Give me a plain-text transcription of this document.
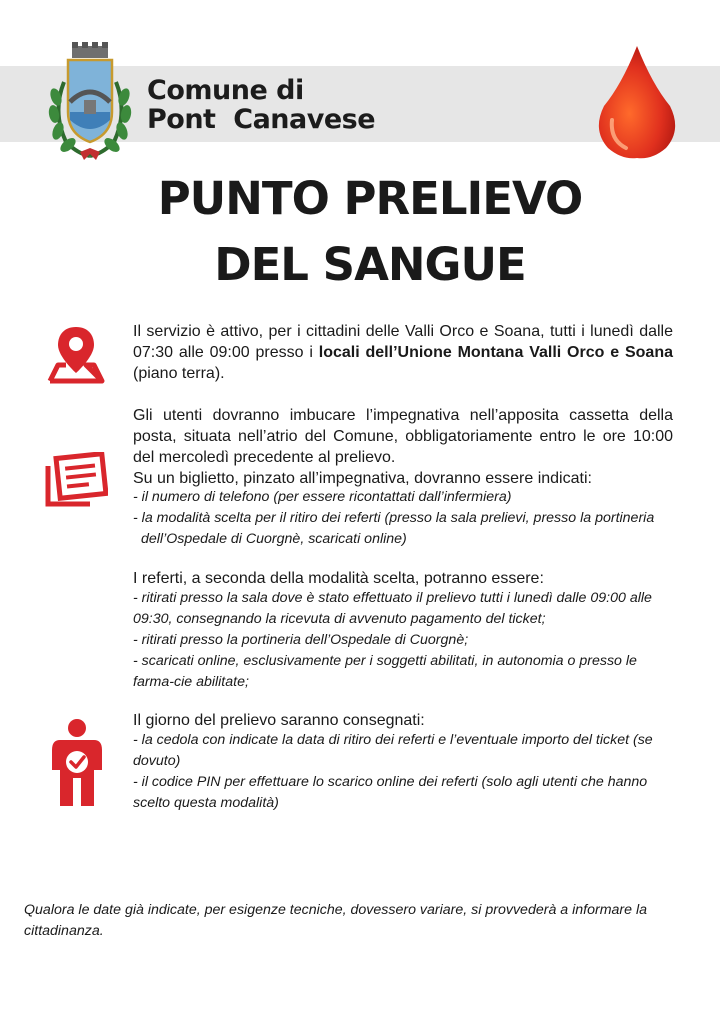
Comune di
Pont  Canavese
PUNTO PRELIEVO
DEL SANGUE
Il servizio è attivo, per i cittadini delle Valli Orco e Soana, tutti i lunedì dalle 07:30 alle 09:00 presso i locali dell’Unione Montana Valli Orco e Soana (piano terra).
Gli utenti dovranno imbucare l’impegnativa nell’apposita cassetta della posta, situata nell’atrio del Comune, obbligatoriamente entro le ore 10:00 del mercoledì precedente al prelievo.
Su un biglietto, pinzato all’impegnativa, dovranno essere indicati:
- il numero di telefono (per essere ricontattati dall’infermiera)
- la modalità scelta per il ritiro dei referti (presso la sala prelievi, presso la portineria
dell’Ospedale di Cuorgnè, scaricati online)
I referti, a seconda della modalità scelta, potranno essere:
- ritirati presso la sala dove è stato effettuato il prelievo tutti i lunedì dalle 09:00 alle 09:30, consegnando la ricevuta di avvenuto pagamento del ticket;
- ritirati presso la portineria dell’Ospedale di Cuorgnè;
- scaricati online, esclusivamente per i soggetti abilitati, in autonomia o presso le farma-cie abilitate;
Il giorno del prelievo saranno consegnati:
- la cedola con indicate la data di ritiro dei referti e l’eventuale importo del ticket (se dovuto)
- il codice PIN per effettuare lo scarico online dei referti (solo agli utenti che hanno scelto questa modalità)
Qualora le date già indicate, per esigenze tecniche, dovessero variare, si provvederà a informare la cittadinanza.
